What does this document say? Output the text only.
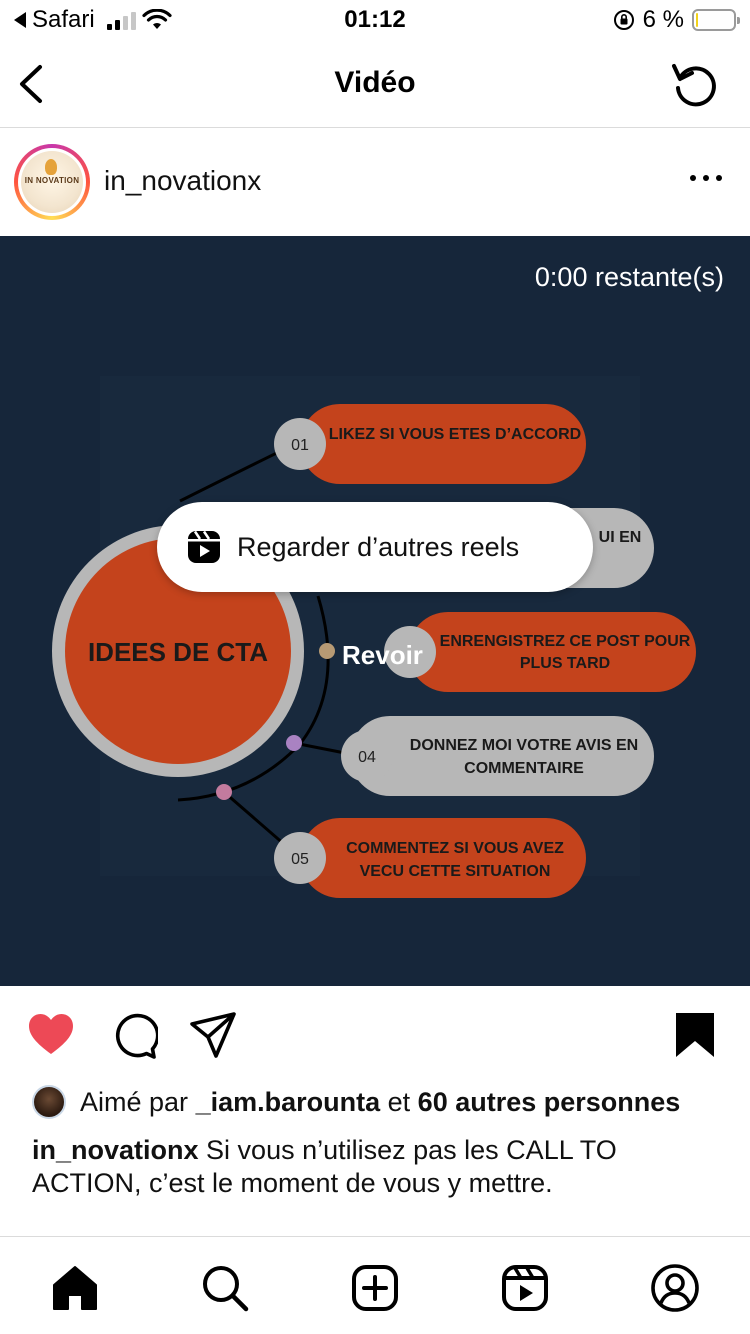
Safari	01:12	6 %
Vidéo
IN NOVATION in_novationx
IDEES DE CTA
01
LIKEZ SI VOUS ETES D’ACCORD
UI EN
ENRENGISTREZ CE POST POUR
PLUS TARD
04
DONNEZ MOI VOTRE AVIS EN
COMMENTAIRE
05
COMMENTEZ SI VOUS AVEZ
VECU CETTE SITUATION
0:00 restante(s)
Regarder d’autres reels
Revoir
Aimé par
_iam.barounta
et
60 autres personnes
in_novationx Si vous n’utilisez pas les CALL TO ACTION, c’est le moment de vous y mettre.
